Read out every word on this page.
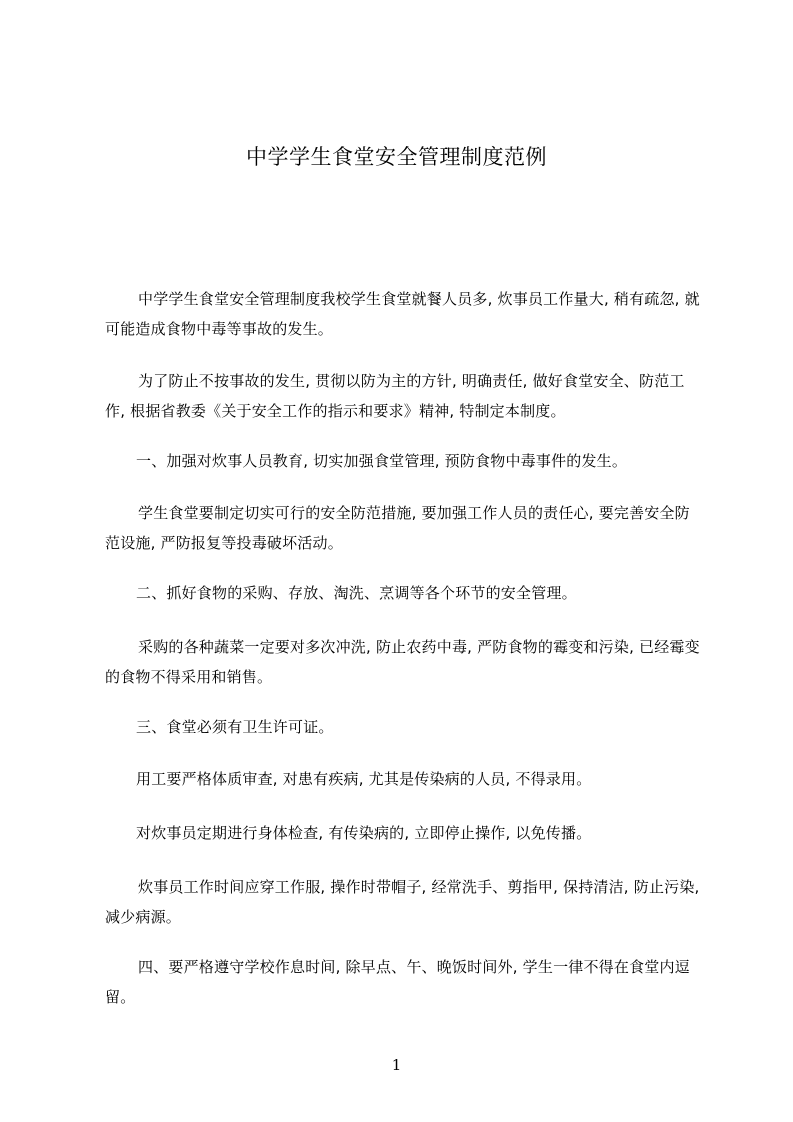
中学学生食堂安全管理制度范例

中学学生食堂安全管理制度我校学生食堂就餐人员多, 炊事员工作量大, 稍有疏忽, 就可能造成食物中毒等事故的发生。

为了防止不按事故的发生, 贯彻以防为主的方针, 明确责任, 做好食堂安全、防范工作, 根据省教委《关于安全工作的指示和要求》精神, 特制定本制度。

一、加强对炊事人员教育, 切实加强食堂管理, 预防食物中毒事件的发生。

学生食堂要制定切实可行的安全防范措施, 要加强工作人员的责任心, 要完善安全防范设施, 严防报复等投毒破坏活动。

二、抓好食物的采购、存放、淘洗、烹调等各个环节的安全管理。

采购的各种蔬菜一定要对多次冲洗, 防止农药中毒, 严防食物的霉变和污染, 已经霉变的食物不得采用和销售。

三、食堂必须有卫生许可证。

用工要严格体质审查, 对患有疾病, 尤其是传染病的人员, 不得录用。

对炊事员定期进行身体检查, 有传染病的, 立即停止操作, 以免传播。

炊事员工作时间应穿工作服, 操作时带帽子, 经常洗手、剪指甲, 保持清洁, 防止污染, 减少病源。

四、要严格遵守学校作息时间, 除早点、午、晚饭时间外, 学生一律不得在食堂内逗留。

1
